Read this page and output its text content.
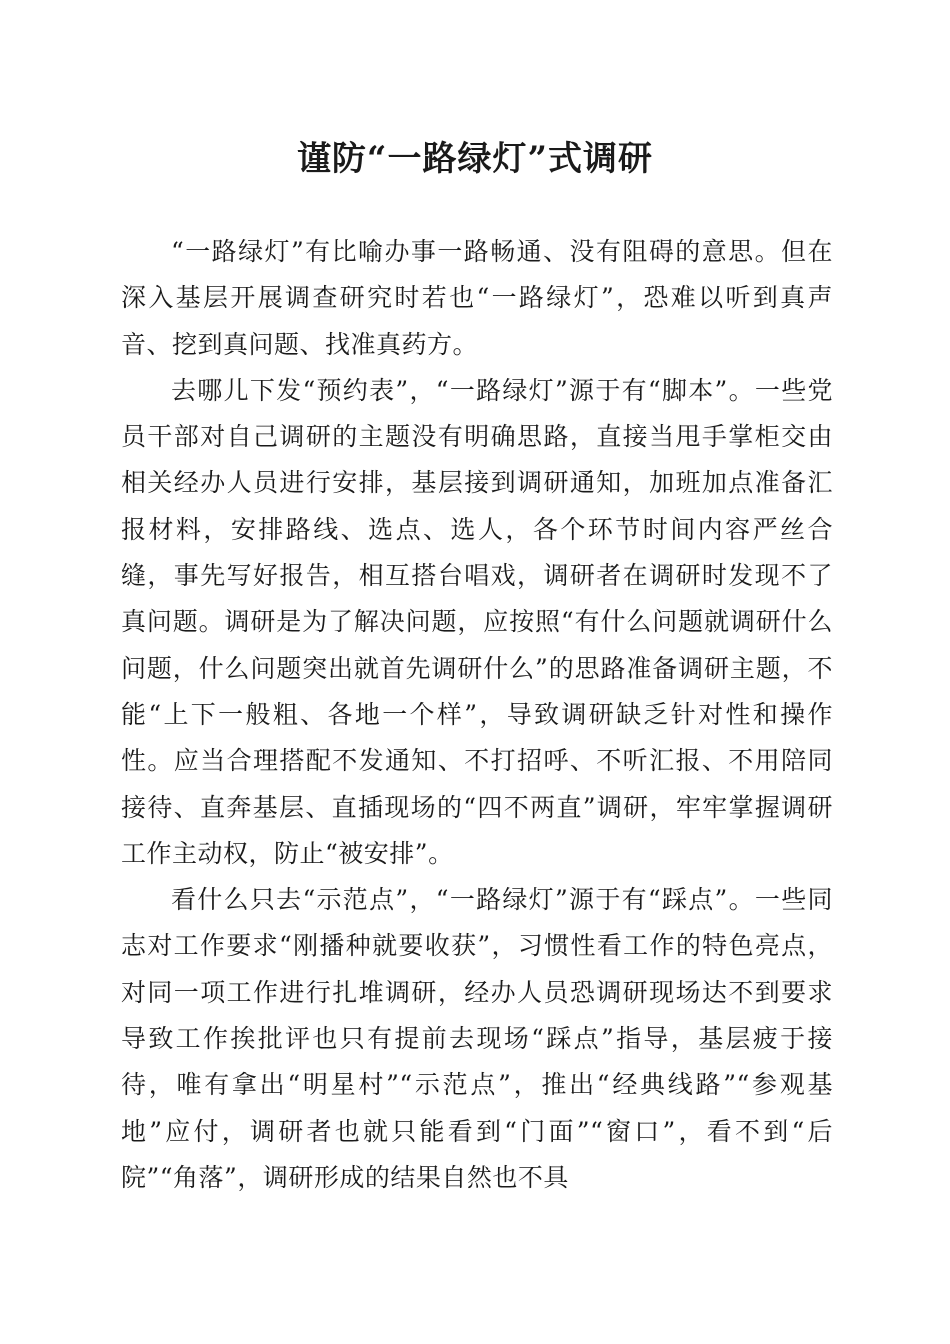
谨防“一路绿灯”式调研

“一路绿灯”有比喻办事一路畅通、没有阻碍的意思。但在深入基层开展调查研究时若也“一路绿灯”，恐难以听到真声音、挖到真问题、找准真药方。

去哪儿下发“预约表”，“一路绿灯”源于有“脚本”。一些党员干部对自己调研的主题没有明确思路，直接当甩手掌柜交由相关经办人员进行安排，基层接到调研通知，加班加点准备汇报材料，安排路线、选点、选人，各个环节时间内容严丝合缝，事先写好报告，相互搭台唱戏，调研者在调研时发现不了真问题。调研是为了解决问题，应按照“有什么问题就调研什么问题，什么问题突出就首先调研什么”的思路准备调研主题，不能“上下一般粗、各地一个样”，导致调研缺乏针对性和操作性。应当合理搭配不发通知、不打招呼、不听汇报、不用陪同接待、直奔基层、直插现场的“四不两直”调研，牢牢掌握调研工作主动权，防止“被安排”。

看什么只去“示范点”，“一路绿灯”源于有“踩点”。一些同志对工作要求“刚播种就要收获”，习惯性看工作的特色亮点，对同一项工作进行扎堆调研，经办人员恐调研现场达不到要求导致工作挨批评也只有提前去现场“踩点”指导，基层疲于接待，唯有拿出“明星村”“示范点”，推出“经典线路”“参观基地”应付，调研者也就只能看到“门面”“窗口”，看不到“后院”“角落”，调研形成的结果自然也不具
